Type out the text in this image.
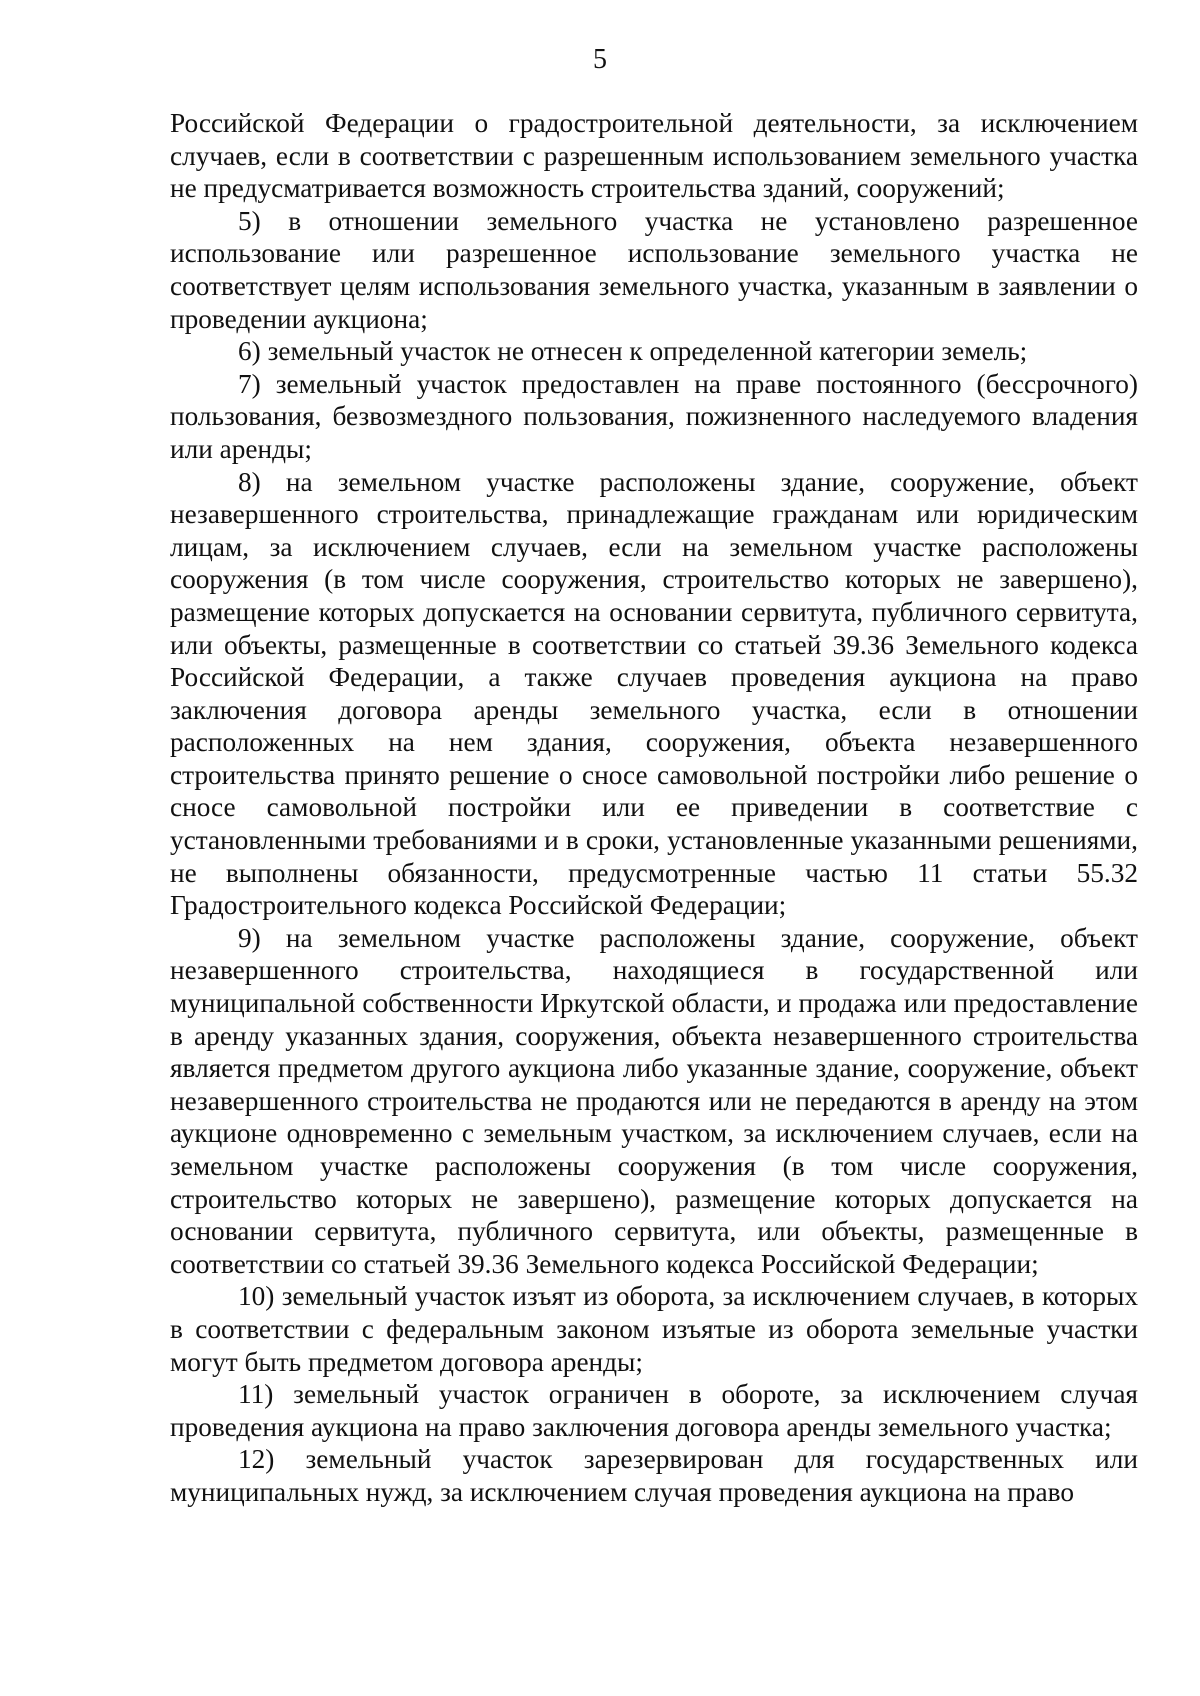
5

Российской Федерации о градостроительной деятельности, за исключением случаев, если в соответствии с разрешенным использованием земельного участка не предусматривается возможность строительства зданий, сооружений;

5) в отношении земельного участка не установлено разрешенное использование или разрешенное использование земельного участка не соответствует целям использования земельного участка, указанным в заявлении о проведении аукциона;

6) земельный участок не отнесен к определенной категории земель;

7) земельный участок предоставлен на праве постоянного (бессрочного) пользования, безвозмездного пользования, пожизненного наследуемого владения или аренды;

8) на земельном участке расположены здание, сооружение, объект незавершенного строительства, принадлежащие гражданам или юридическим лицам, за исключением случаев, если на земельном участке расположены сооружения (в том числе сооружения, строительство которых не завершено), размещение которых допускается на основании сервитута, публичного сервитута, или объекты, размещенные в соответствии со статьей 39.36 Земельного кодекса Российской Федерации, а также случаев проведения аукциона на право заключения договора аренды земельного участка, если в отношении расположенных на нем здания, сооружения, объекта незавершенного строительства принято решение о сносе самовольной постройки либо решение о сносе самовольной постройки или ее приведении в соответствие с установленными требованиями и в сроки, установленные указанными решениями, не выполнены обязанности, предусмотренные частью 11 статьи 55.32 Градостроительного кодекса Российской Федерации;

9) на земельном участке расположены здание, сооружение, объект незавершенного строительства, находящиеся в государственной или муниципальной собственности Иркутской области, и продажа или предоставление в аренду указанных здания, сооружения, объекта незавершенного строительства является предметом другого аукциона либо указанные здание, сооружение, объект незавершенного строительства не продаются или не передаются в аренду на этом аукционе одновременно с земельным участком, за исключением случаев, если на земельном участке расположены сооружения (в том числе сооружения, строительство которых не завершено), размещение которых допускается на основании сервитута, публичного сервитута, или объекты, размещенные в соответствии со статьей 39.36 Земельного кодекса Российской Федерации;

10) земельный участок изъят из оборота, за исключением случаев, в которых в соответствии с федеральным законом изъятые из оборота земельные участки могут быть предметом договора аренды;

11) земельный участок ограничен в обороте, за исключением случая проведения аукциона на право заключения договора аренды земельного участка;

12) земельный участок зарезервирован для государственных или муниципальных нужд, за исключением случая проведения аукциона на право
